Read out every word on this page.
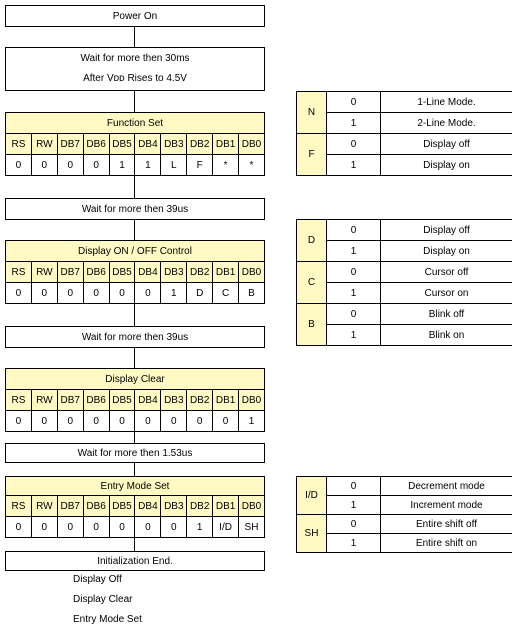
Power On
Wait for more then 30ms
After Vᴅᴅ Rises to 4.5V
Function Set									
RS	RW	DB7	DB6	DB5	DB4	DB3	DB2	DB1	DB0
0	0	0	0	1	1	L	F	*	*
Wait for more then 39us
Display ON / OFF Control									
RS	RW	DB7	DB6	DB5	DB4	DB3	DB2	DB1	DB0
0	0	0	0	0	0	1	D	C	B
Wait for more then 39us
Display Clear									
RS	RW	DB7	DB6	DB5	DB4	DB3	DB2	DB1	DB0
0	0	0	0	0	0	0	0	0	1
Wait for more then 1.53us
Entry Mode Set									
RS	RW	DB7	DB6	DB5	DB4	DB3	DB2	DB1	DB0
0	0	0	0	0	0	0	1	I/D	SH
Initialization End.
Display Off
Display Clear
Entry Mode Set
N	0	1-Line Mode.
	1	2-Line Mode.
F	0	Display off
	1	Display on
D	0	Display off
	1	Display on
C	0	Cursor off
	1	Cursor on
B	0	Blink off
	1	Blink on
I/D	0	Decrement mode
	1	Increment mode
SH	0	Entire shift off
	1	Entire shift on
